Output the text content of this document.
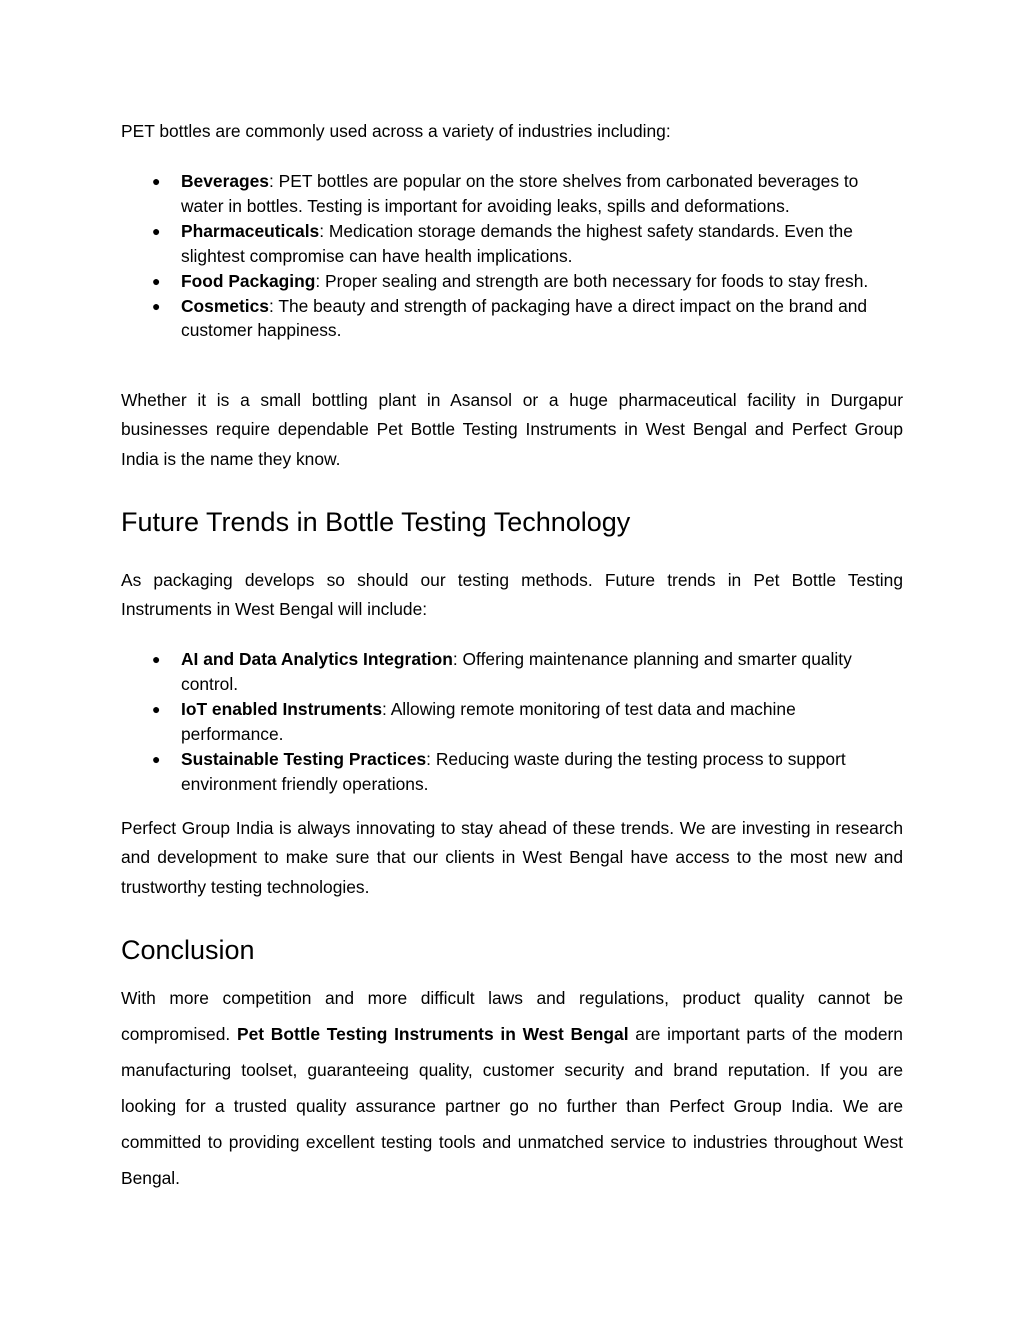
PET bottles are commonly used across a variety of industries including:

● Beverages: PET bottles are popular on the store shelves from carbonated beverages to water in bottles. Testing is important for avoiding leaks, spills and deformations.
● Pharmaceuticals: Medication storage demands the highest safety standards. Even the slightest compromise can have health implications.
● Food Packaging: Proper sealing and strength are both necessary for foods to stay fresh.
● Cosmetics: The beauty and strength of packaging have a direct impact on the brand and customer happiness.

Whether it is a small bottling plant in Asansol or a huge pharmaceutical facility in Durgapur businesses require dependable Pet Bottle Testing Instruments in West Bengal and Perfect Group India is the name they know.

Future Trends in Bottle Testing Technology

As packaging develops so should our testing methods. Future trends in Pet Bottle Testing Instruments in West Bengal will include:

● AI and Data Analytics Integration: Offering maintenance planning and smarter quality control.
● IoT enabled Instruments: Allowing remote monitoring of test data and machine performance.
● Sustainable Testing Practices: Reducing waste during the testing process to support environment friendly operations.

Perfect Group India is always innovating to stay ahead of these trends. We are investing in research and development to make sure that our clients in West Bengal have access to the most new and trustworthy testing technologies.

Conclusion

With more competition and more difficult laws and regulations, product quality cannot be compromised. Pet Bottle Testing Instruments in West Bengal are important parts of the modern manufacturing toolset, guaranteeing quality, customer security and brand reputation. If you are looking for a trusted quality assurance partner go no further than Perfect Group India. We are committed to providing excellent testing tools and unmatched service to industries throughout West Bengal.
